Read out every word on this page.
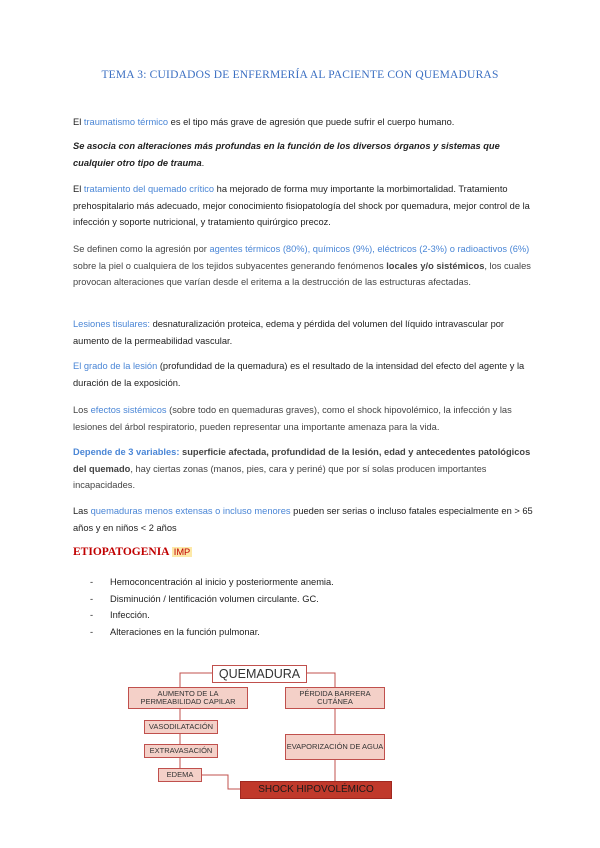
TEMA 3: CUIDADOS DE ENFERMERÍA AL PACIENTE CON QUEMADURAS

El traumatismo térmico es el tipo más grave de agresión que puede sufrir el cuerpo humano.

Se asocia con alteraciones más profundas en la función de los diversos órganos y sistemas que cualquier otro tipo de trauma.

El tratamiento del quemado crítico ha mejorado de forma muy importante la morbimortalidad. Tratamiento prehospitalario más adecuado, mejor conocimiento fisiopatología del shock por quemadura, mejor control de la infección y soporte nutricional, y tratamiento quirúrgico precoz.

Se definen como la agresión por agentes térmicos (80%), químicos (9%), eléctricos (2-3%) o radioactivos (6%) sobre la piel o cualquiera de los tejidos subyacentes generando fenómenos locales y/o sistémicos, los cuales provocan alteraciones que varían desde el eritema a la destrucción de las estructuras afectadas.

Lesiones tisulares: desnaturalización proteica, edema y pérdida del volumen del líquido intravascular por aumento de la permeabilidad vascular.

El grado de la lesión (profundidad de la quemadura) es el resultado de la intensidad del efecto del agente y la duración de la exposición.

Los efectos sistémicos (sobre todo en quemaduras graves), como el shock hipovolémico, la infección y las lesiones del árbol respiratorio, pueden representar una importante amenaza para la vida.

Depende de 3 variables: superficie afectada, profundidad de la lesión, edad y antecedentes patológicos del quemado, hay ciertas zonas (manos, pies, cara y periné) que por sí solas producen importantes incapacidades.

Las quemaduras menos extensas o incluso menores pueden ser serias o incluso fatales especialmente en > 65 años y en niños < 2 años

ETIOPATOGENIA IMP
- Hemoconcentración al inicio y posteriormente anemia.
- Disminución / lentificación volumen circulante. GC.
- Infección.
- Alteraciones en la función pulmonar.
QUEMADURA
AUMENTO DE LA PERMEABILIDAD CAPILAR
VASODILATACIÓN
EXTRAVASACIÓN
EDEMA
PÉRDIDA BARRERA CUTÁNEA
EVAPORIZACIÓN DE AGUA
SHOCK HIPOVOLÉMICO
